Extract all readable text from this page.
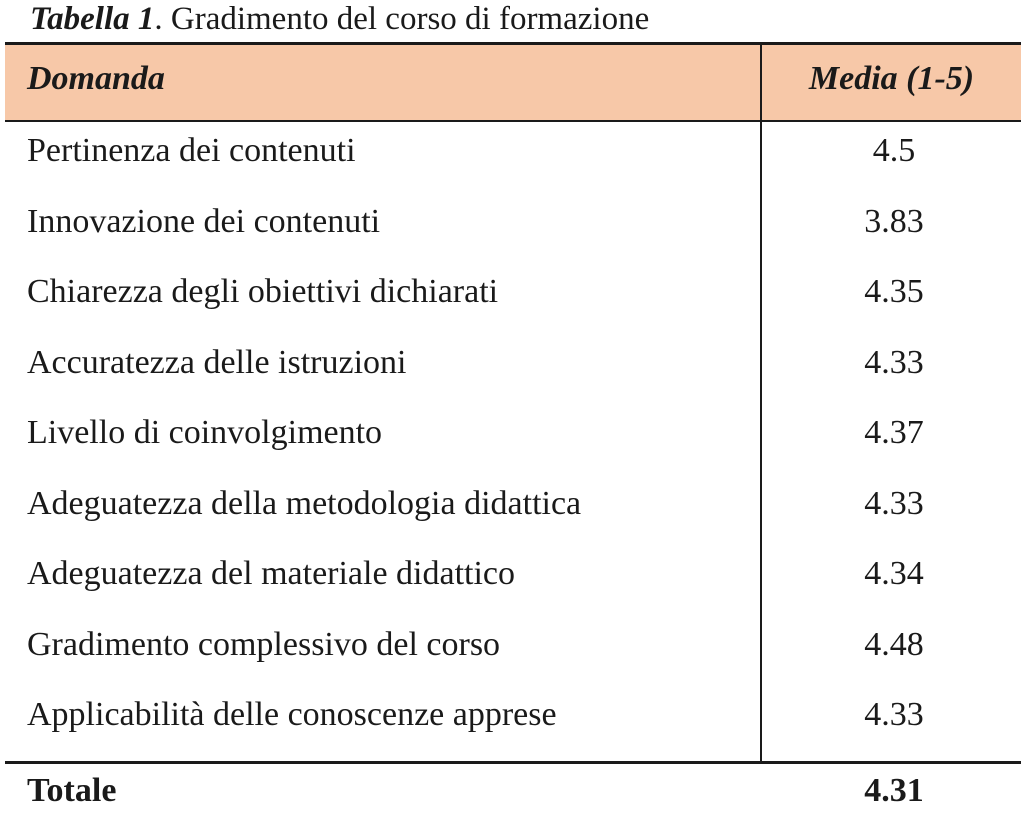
Tabella 1. Gradimento del corso di formazione
Domanda	Media (1-5)
Pertinenza dei contenuti	4.5
Innovazione dei contenuti	3.83
Chiarezza degli obiettivi dichiarati	4.35
Accuratezza delle istruzioni	4.33
Livello di coinvolgimento	4.37
Adeguatezza della metodologia didattica	4.33
Adeguatezza del materiale didattico	4.34
Gradimento complessivo del corso	4.48
Applicabilità delle conoscenze apprese	4.33
Totale	4.31
